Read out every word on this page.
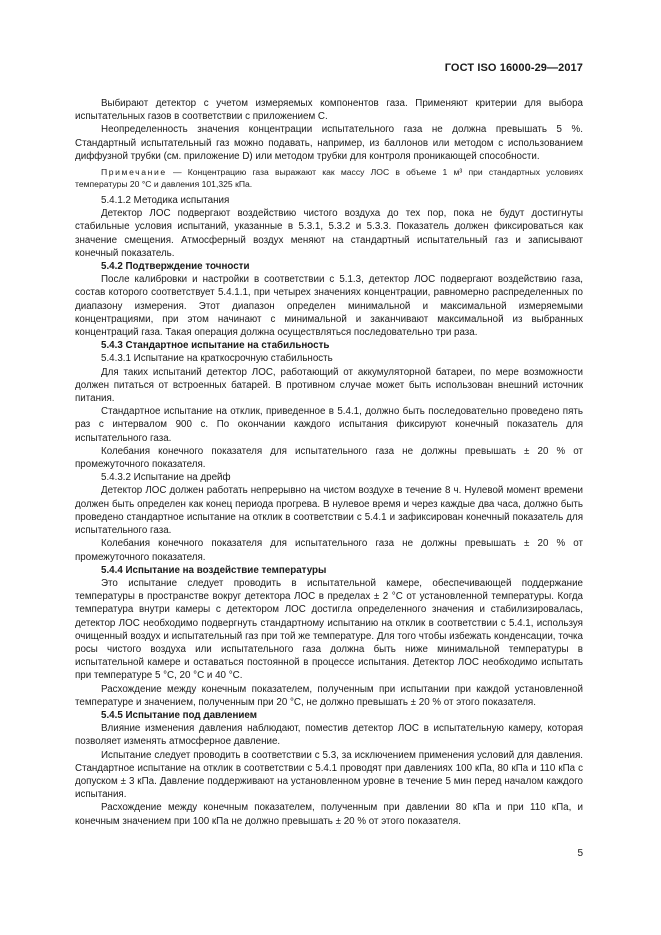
ГОСТ ISO 16000-29—2017

Выбирают детектор с учетом измеряемых компонентов газа. Применяют критерии для выбора испытательных газов в соответствии с приложением С.

Неопределенность значения концентрации испытательного газа не должна превышать 5 %. Стандартный испытательный газ можно подавать, например, из баллонов или методом с использованием диффузной трубки (см. приложение D) или методом трубки для контроля проникающей способности.

Примечание — Концентрацию газа выражают как массу ЛОС в объеме 1 м³ при стандартных условиях температуры 20 °С и давления 101,325 кПа.

5.4.1.2 Методика испытания

Детектор ЛОС подвергают воздействию чистого воздуха до тех пор, пока не будут достигнуты стабильные условия испытаний, указанные в 5.3.1, 5.3.2 и 5.3.3. Показатель должен фиксироваться как значение смещения. Атмосферный воздух меняют на стандартный испытательный газ и записывают конечный показатель.

5.4.2 Подтверждение точности

После калибровки и настройки в соответствии с 5.1.3, детектор ЛОС подвергают воздействию газа, состав которого соответствует 5.4.1.1, при четырех значениях концентрации, равномерно распределенных по диапазону измерения. Этот диапазон определен минимальной и максимальной измеряемыми концентрациями, при этом начинают с минимальной и заканчивают максимальной из выбранных концентраций газа. Такая операция должна осуществляться последовательно три раза.

5.4.3 Стандартное испытание на стабильность

5.4.3.1 Испытание на краткосрочную стабильность

Для таких испытаний детектор ЛОС, работающий от аккумуляторной батареи, по мере возможности должен питаться от встроенных батарей. В противном случае может быть использован внешний источник питания.

Стандартное испытание на отклик, приведенное в 5.4.1, должно быть последовательно проведено пять раз с интервалом 900 с. По окончании каждого испытания фиксируют конечный показатель для испытательного газа.

Колебания конечного показателя для испытательного газа не должны превышать ± 20 % от промежуточного показателя.

5.4.3.2 Испытание на дрейф

Детектор ЛОС должен работать непрерывно на чистом воздухе в течение 8 ч. Нулевой момент времени должен быть определен как конец периода прогрева. В нулевое время и через каждые два часа, должно быть проведено стандартное испытание на отклик в соответствии с 5.4.1 и зафиксирован конечный показатель для испытательного газа.

Колебания конечного показателя для испытательного газа не должны превышать ± 20 % от промежуточного показателя.

5.4.4 Испытание на воздействие температуры

Это испытание следует проводить в испытательной камере, обеспечивающей поддержание температуры в пространстве вокруг детектора ЛОС в пределах ± 2 °С от установленной температуры. Когда температура внутри камеры с детектором ЛОС достигла определенного значения и стабилизировалась, детектор ЛОС необходимо подвергнуть стандартному испытанию на отклик в соответствии с 5.4.1, используя очищенный воздух и испытательный газ при той же температуре. Для того чтобы избежать конденсации, точка росы чистого воздуха или испытательного газа должна быть ниже минимальной температуры в испытательной камере и оставаться постоянной в процессе испытания. Детектор ЛОС необходимо испытать при температуре 5 °С, 20 °С и 40 °С.

Расхождение между конечным показателем, полученным при испытании при каждой установленной температуре и значением, полученным при 20 °С, не должно превышать ± 20 % от этого показателя.

5.4.5 Испытание под давлением

Влияние изменения давления наблюдают, поместив детектор ЛОС в испытательную камеру, которая позволяет изменять атмосферное давление.

Испытание следует проводить в соответствии с 5.3, за исключением применения условий для давления. Стандартное испытание на отклик в соответствии с 5.4.1 проводят при давлениях 100 кПа, 80 кПа и 110 кПа с допуском ± 3 кПа. Давление поддерживают на установленном уровне в течение 5 мин перед началом каждого испытания.

Расхождение между конечным показателем, полученным при давлении 80 кПа и при 110 кПа, и конечным значением при 100 кПа не должно превышать ± 20 % от этого показателя.

5
